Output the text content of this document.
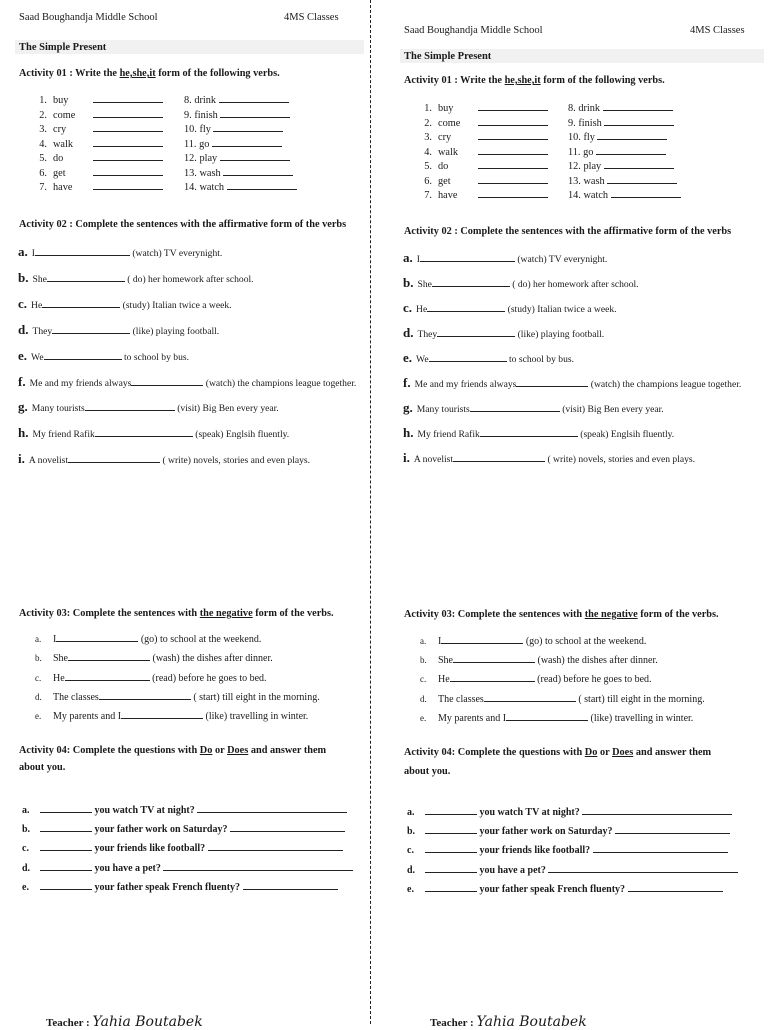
Saad Boughandja Middle School	4MS Classes
The Simple Present
Activity 01 : Write the he,she,it form of the following verbs.
1. buy
2. come
3. cry
4. walk
5. do
6. get
7. have
8. drink
9. finish
10. fly
11. go
12. play
13. wash
14. watch
Activity 02 : Complete the sentences with the affirmative form of the verbs
a. I	(watch) TV everynight.
b. She	( do) her homework after school.
c. He	(study) Italian twice a week.
d. They	(like) playing football.
e. We	to school by bus.
f. Me and my friends always	(watch) the champions league together.
g. Many tourists	(visit) Big Ben every year.
h. My friend Rafik	(speak) Englsih fluently.
i. A novelist	( write) novels, stories and even plays.
Activity 03: Complete the sentences with the negative form of the verbs.
a. I	(go) to school at the weekend.
b. She	(wash) the dishes after dinner.
c. He	(read) before he goes to bed.
d. The classes	( start) till eight in the morning.
e. My parents and I	(like) travelling in winter.
Activity 04: Complete the questions with Do or Does and answer them
about you.
a.	you watch TV at night?
b.	your father work on Saturday?
c.	your friends like football?
d.	you have a pet?
e.	your father speak French fluenty?
Teacher : Yahia Boutabek
Saad Boughandja Middle School	4MS Classes
The Simple Present
Activity 01 : Write the he,she,it form of the following verbs.
1. buy
2. come
3. cry
4. walk
5. do
6. get
7. have
8. drink
9. finish
10. fly
11. go
12. play
13. wash
14. watch
Activity 02 : Complete the sentences with the affirmative form of the verbs
a. I	(watch) TV everynight.
b. She	( do) her homework after school.
c. He	(study) Italian twice a week.
d. They	(like) playing football.
e. We	to school by bus.
f. Me and my friends always	(watch) the champions league together.
g. Many tourists	(visit) Big Ben every year.
h. My friend Rafik	(speak) Englsih fluently.
i. A novelist	( write) novels, stories and even plays.
Activity 03: Complete the sentences with the negative form of the verbs.
a. I	(go) to school at the weekend.
b. She	(wash) the dishes after dinner.
c. He	(read) before he goes to bed.
d. The classes	( start) till eight in the morning.
e. My parents and I	(like) travelling in winter.
Activity 04: Complete the questions with Do or Does and answer them
about you.
a.	you watch TV at night?
b.	your father work on Saturday?
c.	your friends like football?
d.	you have a pet?
e.	your father speak French fluenty?
Teacher : Yahia Boutabek
